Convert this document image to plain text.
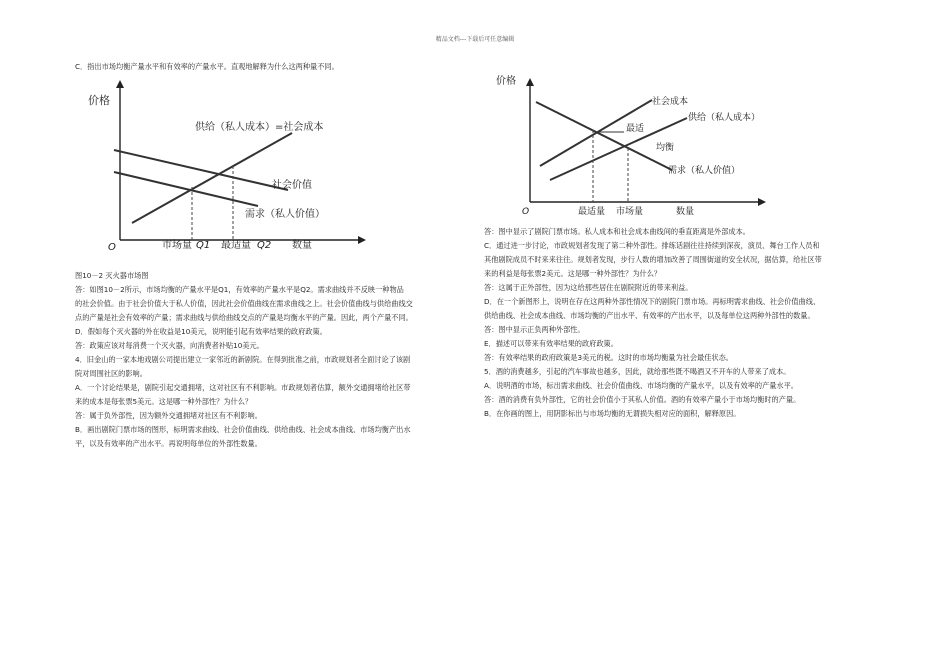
精品文档---下载后可任意编辑

C．指出市场均衡产量水平和有效率的产量水平。直观地解释为什么这两种量不同。

价格
O
供给（私人成本）=社会成本
社会价值
需求（私人价值）
市场量 Q1 最适量 Q2 数量

图10－2 灭火器市场图

答：如图10－2所示，市场均衡的产量水平是Q1，有效率的产量水平是Q2。需求曲线并不反映一种物品

的社会价值。由于社会价值大于私人价值，因此社会价值曲线在需求曲线之上。社会价值曲线与供给曲线交

点的产量是社会有效率的产量；需求曲线与供给曲线交点的产量是均衡水平的产量。因此，两个产量不同。

D．假如每个灭火器的外在收益是10美元，说明能引起有效率结果的政府政策。

答：政策应该对每消费一个灭火器，向消费者补贴10美元。

4．旧金山的一家本地戏剧公司提出建立一家邻近的新剧院。在得到批准之前，市政规划者全面讨论了该剧

院对周围社区的影响。

A．一个讨论结果是，剧院引起交通拥堵，这对社区有不利影响。市政规划者估算，额外交通拥堵给社区带

来的成本是每张票5美元。这是哪一种外部性？为什么？

答：属于负外部性，因为额外交通拥堵对社区有不利影响。

B．画出剧院门票市场的图形，标明需求曲线、社会价值曲线、供给曲线、社会成本曲线、市场均衡产出水

平，以及有效率的产出水平。再说明每单位的外部性数量。

价格
O
社会成本
供给（私人成本）
最适
均衡
需求（私人价值）
最适量 市场量	数量

答：图中显示了剧院门票市场。私人成本和社会成本曲线间的垂直距离是外部成本。

C．通过进一步讨论，市政规划者发现了第二种外部性。排练话剧往往持续到深夜，演员、舞台工作人员和

其他剧院成员不时来来往往。规划者发现，步行人数的增加改善了周围街道的安全状况，据估算，给社区带

来的利益是每张票2美元。这是哪一种外部性？为什么？

答：这属于正外部性，因为这给那些居住在剧院附近的带来利益。

D．在一个新图形上，说明在存在这两种外部性情况下的剧院门票市场。再标明需求曲线、社会价值曲线、

供给曲线、社会成本曲线、市场均衡的产出水平、有效率的产出水平，以及每单位这两种外部性的数量。

答：图中显示正负两种外部性。

E．描述可以带来有效率结果的政府政策。

答：有效率结果的政府政策是3美元的税。这时的市场均衡量为社会最佳状态。

5．酒的消费越多，引起的汽车事故也越多，因此，就给那些既不喝酒又不开车的人带来了成本。

A．说明酒的市场，标出需求曲线、社会价值曲线、市场均衡的产量水平，以及有效率的产量水平。

答：酒的消费有负外部性，它的社会价值小于其私人价值。酒的有效率产量小于市场均衡时的产量。

B．在你画的图上，用阴影标出与市场均衡的无谓损失相对应的面积，解释原因。
